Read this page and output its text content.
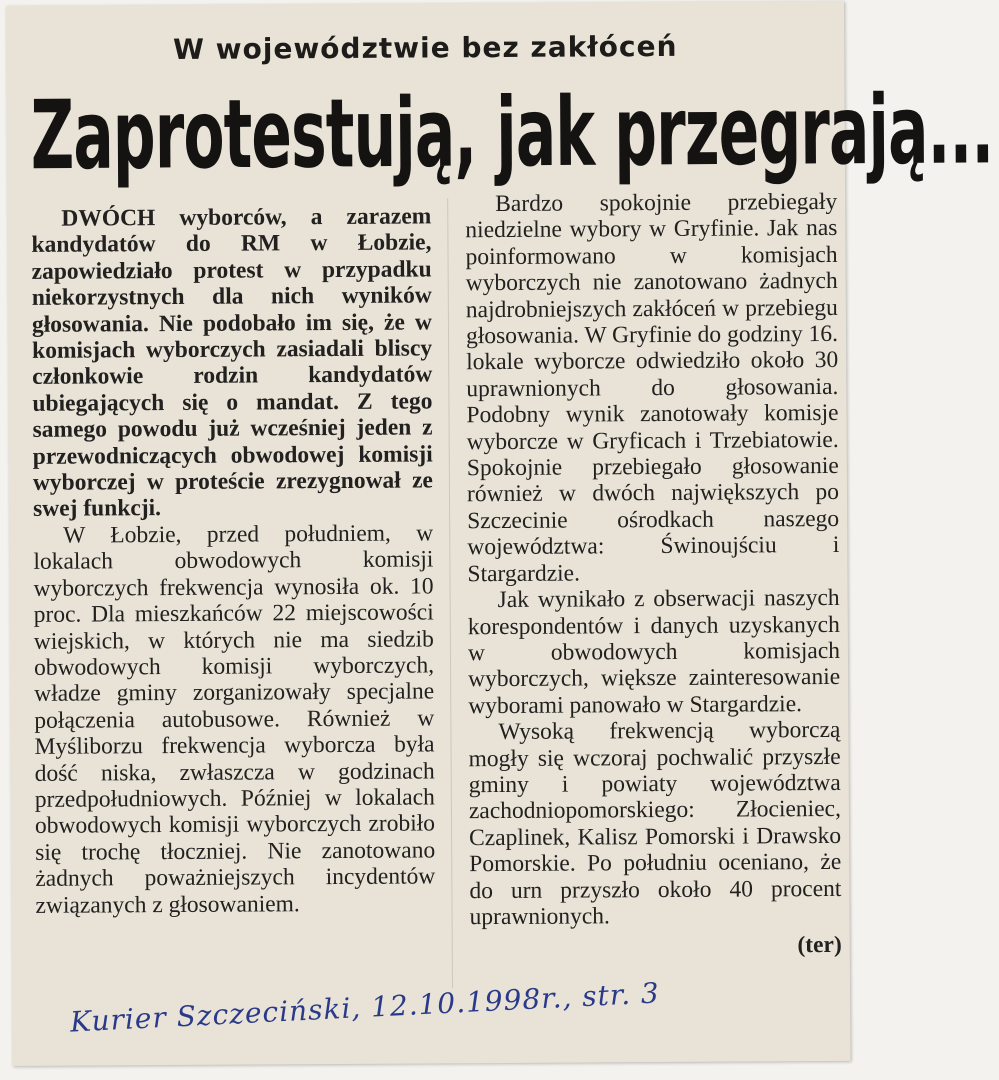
W województwie bez zakłóceń
Zaprotestują, jak przegrają...

DWÓCH wyborców, a zarazem kandydatów do RM w Łobzie, zapowiedziało protest w przypadku niekorzystnych dla nich wyników głosowania. Nie podobało im się, że w komisjach wyborczych zasiadali bliscy członkowie rodzin kandydatów ubiegających się o mandat. Z tego samego powodu już wcześniej jeden z przewodniczących obwodowej komisji wyborczej w proteście zrezygnował ze swej funkcji.

W Łobzie, przed południem, w lokalach obwodowych komisji wyborczych frekwencja wynosiła ok. 10 proc. Dla mieszkańców 22 miejscowości wiejskich, w których nie ma siedzib obwodowych komisji wyborczych, władze gminy zorganizowały specjalne połączenia autobusowe. Również w Myśliborzu frekwencja wyborcza była dość niska, zwłaszcza w godzinach przedpołudniowych. Później w lokalach obwodowych komisji wyborczych zrobiło się trochę tłoczniej. Nie zanotowano żadnych poważniejszych incydentów związanych z głosowaniem.

Bardzo spokojnie przebiegały niedzielne wybory w Gryfinie. Jak nas poinformowano w komisjach wyborczych nie zanotowano żadnych najdrobniejszych zakłóceń w przebiegu głosowania. W Gryfinie do godziny 16. lokale wyborcze odwiedziło około 30 uprawnionych do głosowania. Podobny wynik zanotowały komisje wyborcze w Gryficach i Trzebiatowie. Spokojnie przebiegało głosowanie również w dwóch największych po Szczecinie ośrodkach naszego województwa: Świnoujściu i Stargardzie.

Jak wynikało z obserwacji naszych korespondentów i danych uzyskanych w obwodowych komisjach wyborczych, większe zainteresowanie wyborami panowało w Stargardzie.

Wysoką frekwencją wyborczą mogły się wczoraj pochwalić przyszłe gminy i powiaty województwa zachodniopomorskiego: Złocieniec, Czaplinek, Kalisz Pomorski i Drawsko Pomorskie. Po południu oceniano, że do urn przyszło około 40 procent uprawnionych.

(ter)
Kurier Szczeciński, 12.10.1998r., str. 3
